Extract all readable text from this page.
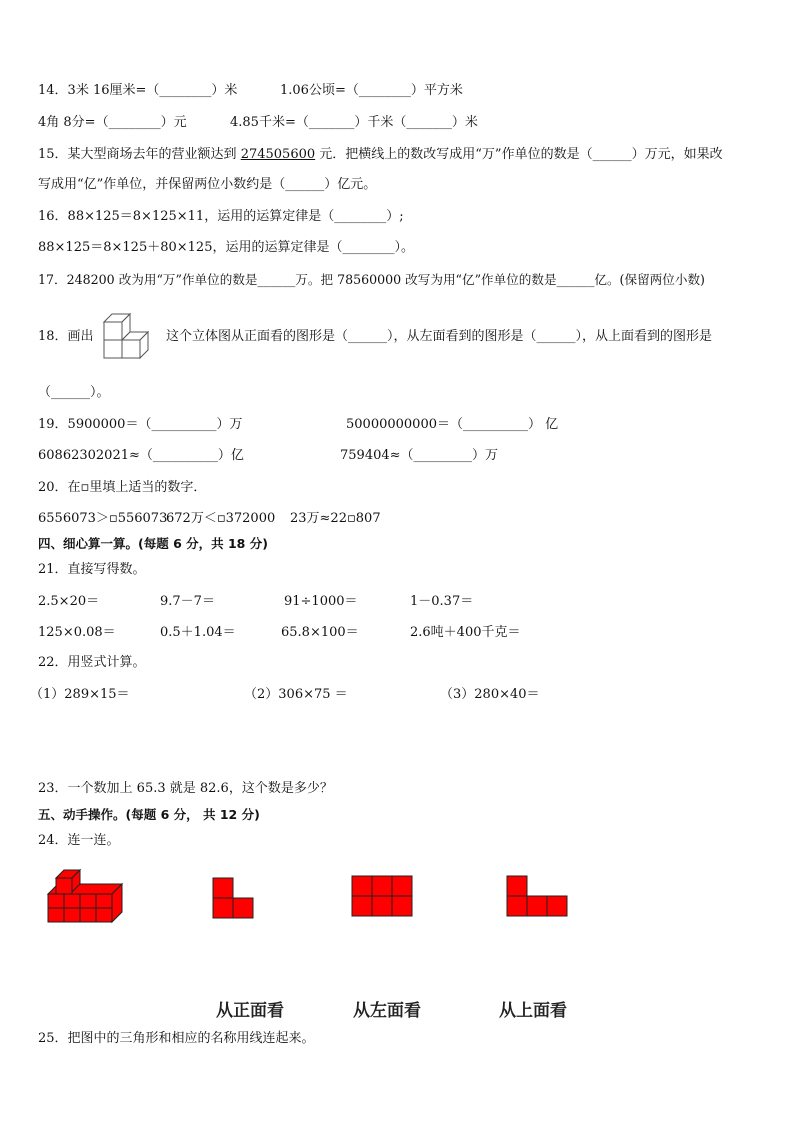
14．3米 16厘米=（________）米	1.06公顷=（________）平方米
4角 8分=（________）元	4.85千米=（_______）千米（_______）米
15．某大型商场去年的营业额达到 274505600 元．把横线上的数改写成用“万”作单位的数是（______）万元，如果改
写成用“亿”作单位，并保留两位小数约是（______）亿元。
16．88×125＝8×125×11，运用的运算定律是（________）;
88×125＝8×125＋80×125，运用的运算定律是（________）。
17．248200 改为用“万”作单位的数是______万。把 78560000 改写为用“亿”作单位的数是______亿。(保留两位小数)
18．画出	这个立体图从正面看的图形是（______），从左面看到的图形是（______），从上面看到的图形是
（______）。
19．5900000＝（__________）万	50000000000＝（__________） 亿
60862302021≈（__________）亿	759404≈（_________）万
20．在▫里填上适当的数字．
6556073＞▫556073
672万＜▫372000 23万≈22▫807
四、细心算一算。(每题 6 分，共 18 分)
21．直接写得数。
2.5×20＝	9.7－7＝	91÷1000＝	1－0.37＝
125×0.08＝	0.5＋1.04＝	65.8×100＝	2.6吨＋400千克＝
22．用竖式计算。
（1）289×15＝	（2）306×75 ＝	（3）280×40＝
23．一个数加上 65.3 就是 82.6，这个数是多少？
五、动手操作。(每题 6 分， 共 12 分)
24．连一连。
从正面看	从左面看	从上面看
25．把图中的三角形和相应的名称用线连起来。
